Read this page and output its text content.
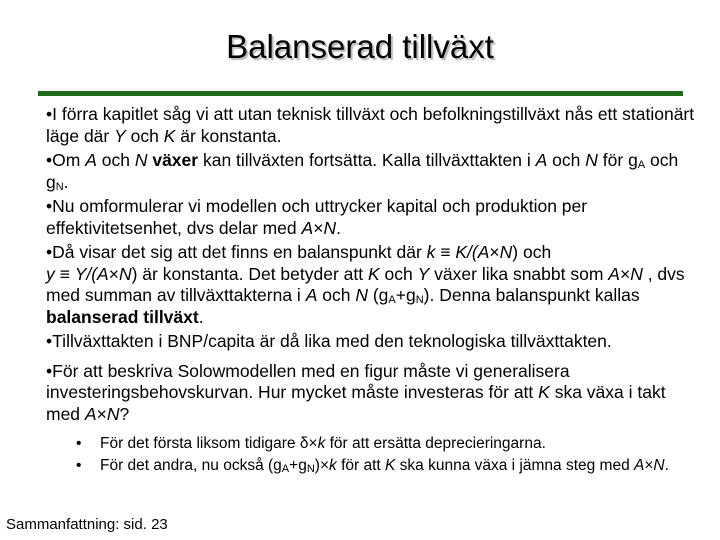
Balanserad tillväxt

•I förra kapitlet såg vi att utan teknisk tillväxt och befolkningstillväxt nås ett stationärt läge där Y och K är konstanta.

•Om A och N växer kan tillväxten fortsätta. Kalla tillväxttakten i A och N för $g_A$ och $g_N$.

•Nu omformulerar vi modellen och uttrycker kapital och produktion per effektivitetsenhet, dvs delar med A×N.

•Då visar det sig att det finns en balanspunkt där k ≡ K/(A×N) och
y ≡ Y/(A×N) är konstanta. Det betyder att K och Y växer lika snabbt som A×N , dvs med summan av tillväxttakterna i A och N $(g_A+g_N)$. Denna balanspunkt kallas balanserad tillväxt.

•Tillväxttakten i BNP/capita är då lika med den teknologiska tillväxttakten.

•För att beskriva Solowmodellen med en figur måste vi generalisera investeringsbehovskurvan. Hur mycket måste investeras för att K ska växa i takt med A×N?

• För det första liksom tidigare δ×k för att ersätta deprecieringarna.
• För det andra, nu också $(g_A+g_N)\times k$ för att K ska kunna växa i jämna steg med A×N.
Sammanfattning: sid. 23
